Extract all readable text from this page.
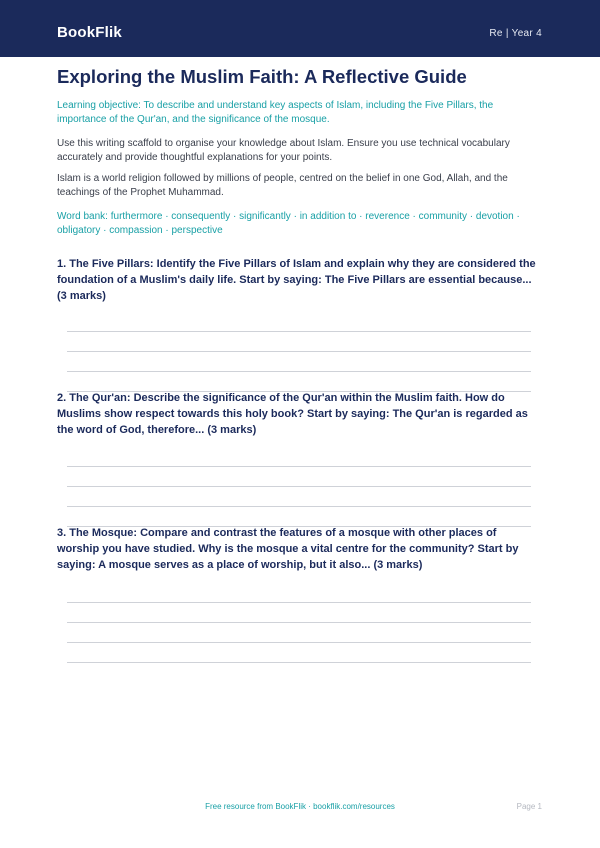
BookFlik	Re | Year 4
Exploring the Muslim Faith: A Reflective Guide

Learning objective: To describe and understand key aspects of Islam, including the Five Pillars, the importance of the Qur'an, and the significance of the mosque.

Use this writing scaffold to organise your knowledge about Islam. Ensure you use technical vocabulary accurately and provide thoughtful explanations for your points.

Islam is a world religion followed by millions of people, centred on the belief in one God, Allah, and the teachings of the Prophet Muhammad.

Word bank: furthermore · consequently · significantly · in addition to · reverence · community · devotion · obligatory · compassion · perspective

1. The Five Pillars: Identify the Five Pillars of Islam and explain why they are considered the foundation of a Muslim's daily life. Start by saying: The Five Pillars are essential because... (3 marks)

2. The Qur'an: Describe the significance of the Qur'an within the Muslim faith. How do Muslims show respect towards this holy book? Start by saying: The Qur'an is regarded as the word of God, therefore... (3 marks)

3. The Mosque: Compare and contrast the features of a mosque with other places of worship you have studied. Why is the mosque a vital centre for the community? Start by saying: A mosque serves as a place of worship, but it also... (3 marks)

Free resource from BookFlik · bookflik.com/resources	Page 1
